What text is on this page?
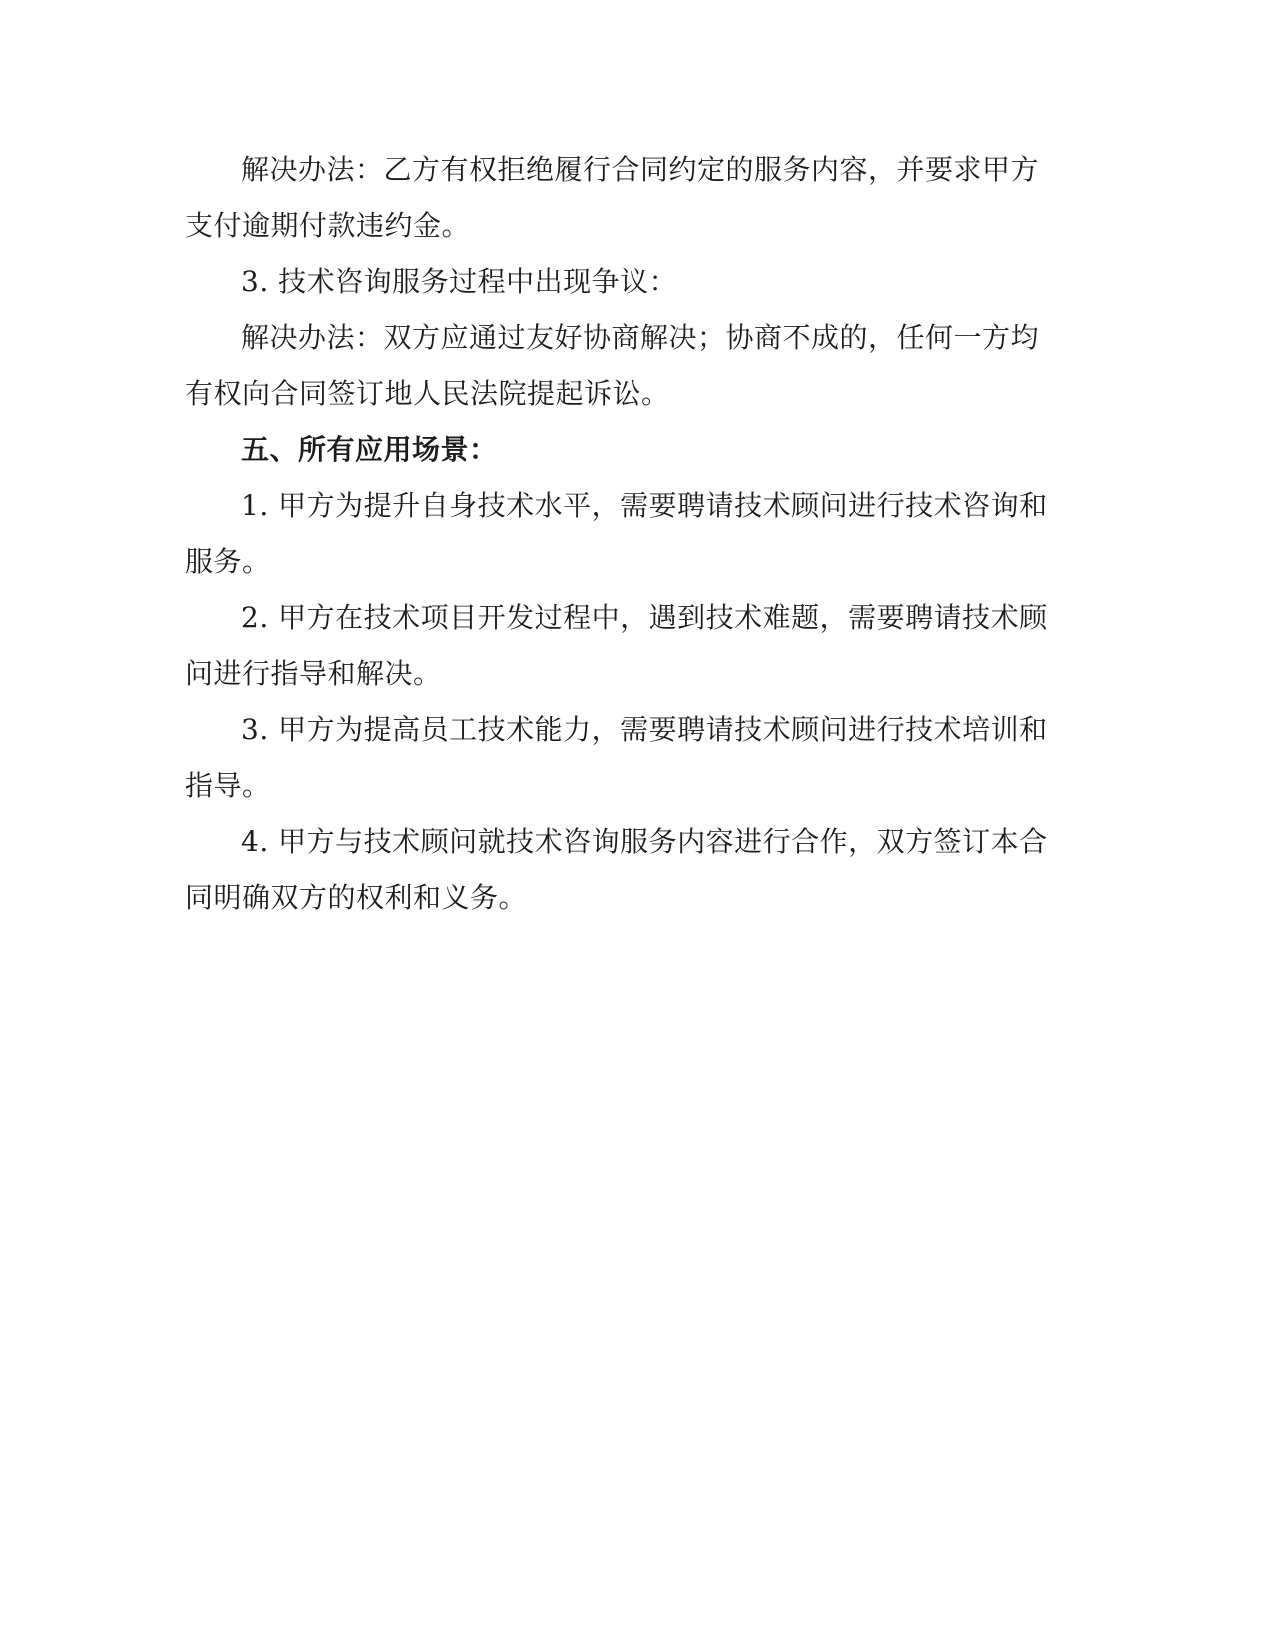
解决办法：乙方有权拒绝履行合同约定的服务内容，并要求甲方支付逾期付款违约金。

3. 技术咨询服务过程中出现争议：

解决办法：双方应通过友好协商解决；协商不成的，任何一方均有权向合同签订地人民法院提起诉讼。

五、所有应用场景：

1. 甲方为提升自身技术水平，需要聘请技术顾问进行技术咨询和服务。

2. 甲方在技术项目开发过程中，遇到技术难题，需要聘请技术顾问进行指导和解决。

3. 甲方为提高员工技术能力，需要聘请技术顾问进行技术培训和指导。

4. 甲方与技术顾问就技术咨询服务内容进行合作，双方签订本合同明确双方的权利和义务。
